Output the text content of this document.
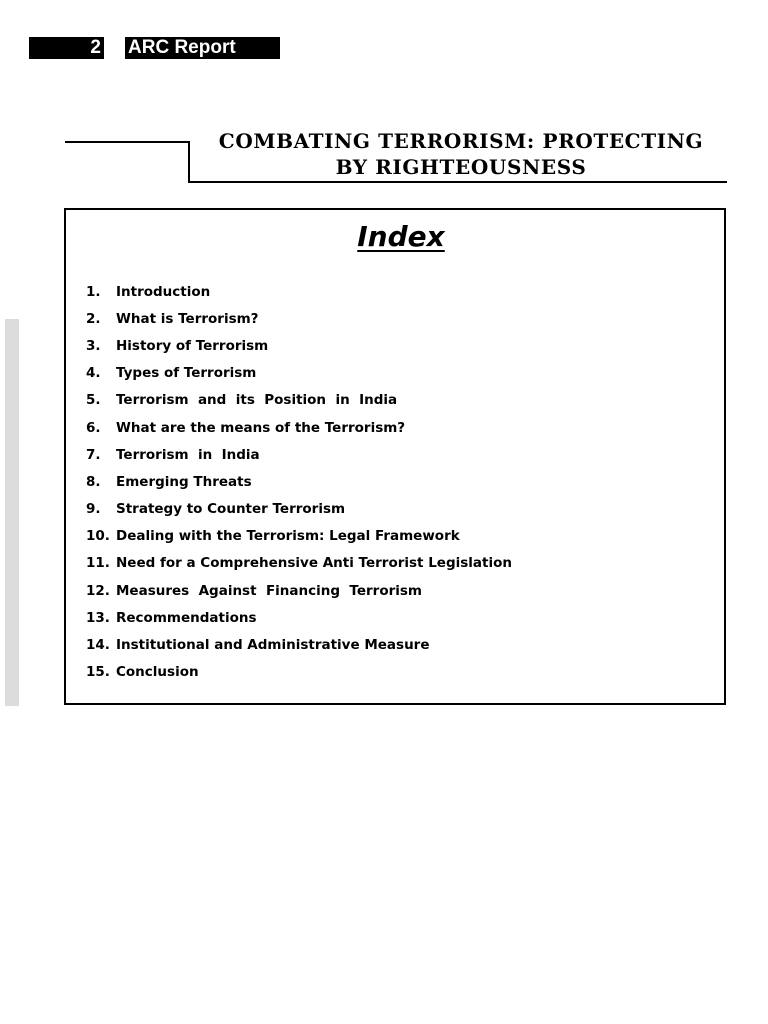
2 ARC Report
COMBATING TERRORISM: PROTECTING
BY RIGHTEOUSNESS
Index
1.	Introduction
2.	What is Terrorism?
3.	History of Terrorism
4.	Types of Terrorism
5.	Terrorism  and  its  Position  in  India
6.	What are the means of the Terrorism?
7.	Terrorism  in  India
8.	Emerging Threats
9.	Strategy to Counter Terrorism
10. Dealing with the Terrorism: Legal Framework
11. Need for a Comprehensive Anti Terrorist Legislation
12. Measures  Against  Financing  Terrorism
13. Recommendations
14. Institutional and Administrative Measure
15. Conclusion
